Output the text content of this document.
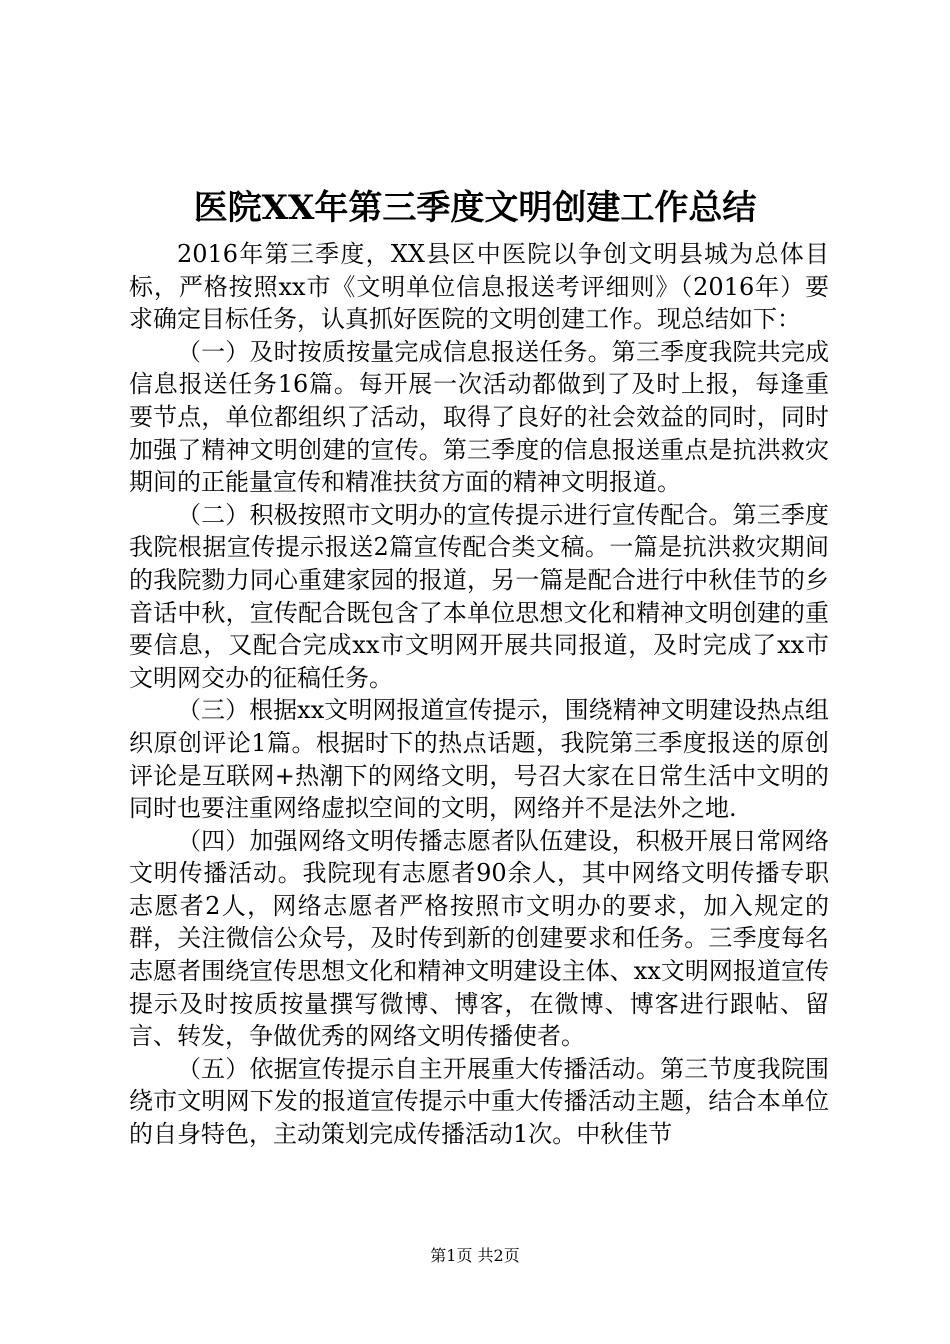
医院XX年第三季度文明创建工作总结

2016年第三季度，XX县区中医院以争创文明县城为总体目标，严格按照xx市《文明单位信息报送考评细则》（2016年）要求确定目标任务，认真抓好医院的文明创建工作。现总结如下：

（一）及时按质按量完成信息报送任务。第三季度我院共完成信息报送任务16篇。每开展一次活动都做到了及时上报，每逢重要节点，单位都组织了活动，取得了良好的社会效益的同时，同时加强了精神文明创建的宣传。第三季度的信息报送重点是抗洪救灾期间的正能量宣传和精准扶贫方面的精神文明报道。

（二）积极按照市文明办的宣传提示进行宣传配合。第三季度我院根据宣传提示报送2篇宣传配合类文稿。一篇是抗洪救灾期间的我院勠力同心重建家园的报道，另一篇是配合进行中秋佳节的乡音话中秋，宣传配合既包含了本单位思想文化和精神文明创建的重要信息，又配合完成xx市文明网开展共同报道，及时完成了xx市文明网交办的征稿任务。

（三）根据xx文明网报道宣传提示，围绕精神文明建设热点组织原创评论1篇。根据时下的热点话题，我院第三季度报送的原创评论是互联网+热潮下的网络文明，号召大家在日常生活中文明的同时也要注重网络虚拟空间的文明，网络并不是法外之地.

（四）加强网络文明传播志愿者队伍建设，积极开展日常网络文明传播活动。我院现有志愿者90余人，其中网络文明传播专职志愿者2人，网络志愿者严格按照市文明办的要求，加入规定的群，关注微信公众号，及时传到新的创建要求和任务。三季度每名志愿者围绕宣传思想文化和精神文明建设主体、xx文明网报道宣传提示及时按质按量撰写微博、博客，在微博、博客进行跟帖、留言、转发，争做优秀的网络文明传播使者。

（五）依据宣传提示自主开展重大传播活动。第三节度我院围绕市文明网下发的报道宣传提示中重大传播活动主题，结合本单位的自身特色，主动策划完成传播活动1次。中秋佳节

第1页 共2页
